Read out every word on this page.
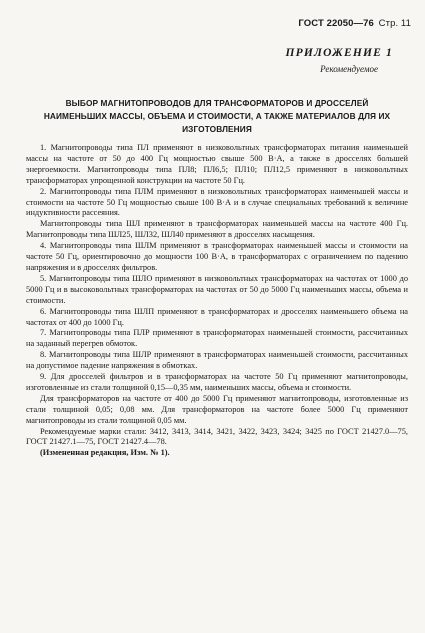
ГОСТ 22050—76 Стр. 11
ПРИЛОЖЕНИЕ 1
Рекомендуемое
ВЫБОР МАГНИТОПРОВОДОВ ДЛЯ ТРАНСФОРМАТОРОВ И ДРОССЕЛЕЙ НАИМЕНЬШИХ МАССЫ, ОБЪЕМА И СТОИМОСТИ, А ТАКЖЕ МАТЕРИАЛОВ ДЛЯ ИХ ИЗГОТОВЛЕНИЯ

1. Магнитопроводы типа ПЛ применяют в низковольтных трансформаторах питания наименьшей массы на частоте от 50 до 400 Гц мощностью свыше 500 В·А, а также в дросселях большей энергоемкости. Магнитопроводы типа ПЛ8; ПЛ6,5; ПЛ10; ПЛ12,5 применяют в низковольтных трансформаторах упрощенной конструкции на частоте 50 Гц.

2. Магнитопроводы типа ПЛМ применяют в низковольтных трансформаторах наименьшей массы и стоимости на частоте 50 Гц мощностью свыше 100 В·А и в случае специальных требований к величине индуктивности рассеяния.

Магнитопроводы типа ШЛ применяют в трансформаторах наименьшей массы на частоте 400 Гц. Магнитопроводы типа ШЛ25, ШЛ32, ШЛ40 применяют в дросселях насыщения.

4. Магнитопроводы типа ШЛМ применяют в трансформаторах наименьшей массы и стоимости на частоте 50 Гц, ориентировочно до мощности 100 В·А, в трансформаторах с ограничением по падению напряжения и в дросселях фильтров.

5. Магнитопроводы типа ШЛО применяют в низковольтных трансформаторах на частотах от 1000 до 5000 Гц и в высоковольтных трансформаторах на частотах от 50 до 5000 Гц наименьших массы, объема и стоимости.

6. Магнитопроводы типа ШЛП применяют в трансформаторах и дросселях наименьшего объема на частотах от 400 до 1000 Гц.

7. Магнитопроводы типа ПЛР применяют в трансформаторах наименьшей стоимости, рассчитанных на заданный перегрев обмоток.

8. Магнитопроводы типа ШЛР применяют в трансформаторах наименьшей стоимости, рассчитанных на допустимое падение напряжения в обмотках.

9. Для дросселей фильтров и в трансформаторах на частоте 50 Гц применяют магнитопроводы, изготовленные из стали толщиной 0,15—0,35 мм, наименьших массы, объема и стоимости.

Для трансформаторов на частоте от 400 до 5000 Гц применяют магнитопроводы, изготовленные из стали толщиной 0,05; 0,08 мм. Для трансформаторов на частоте более 5000 Гц применяют магнитопроводы из стали толщиной 0,05 мм.

Рекомендуемые марки стали: 3412, 3413, 3414, 3421, 3422, 3423, 3424; 3425 по ГОСТ 21427.0—75, ГОСТ 21427.1—75, ГОСТ 21427.4—78.

(Измененная редакция, Изм. № 1).
